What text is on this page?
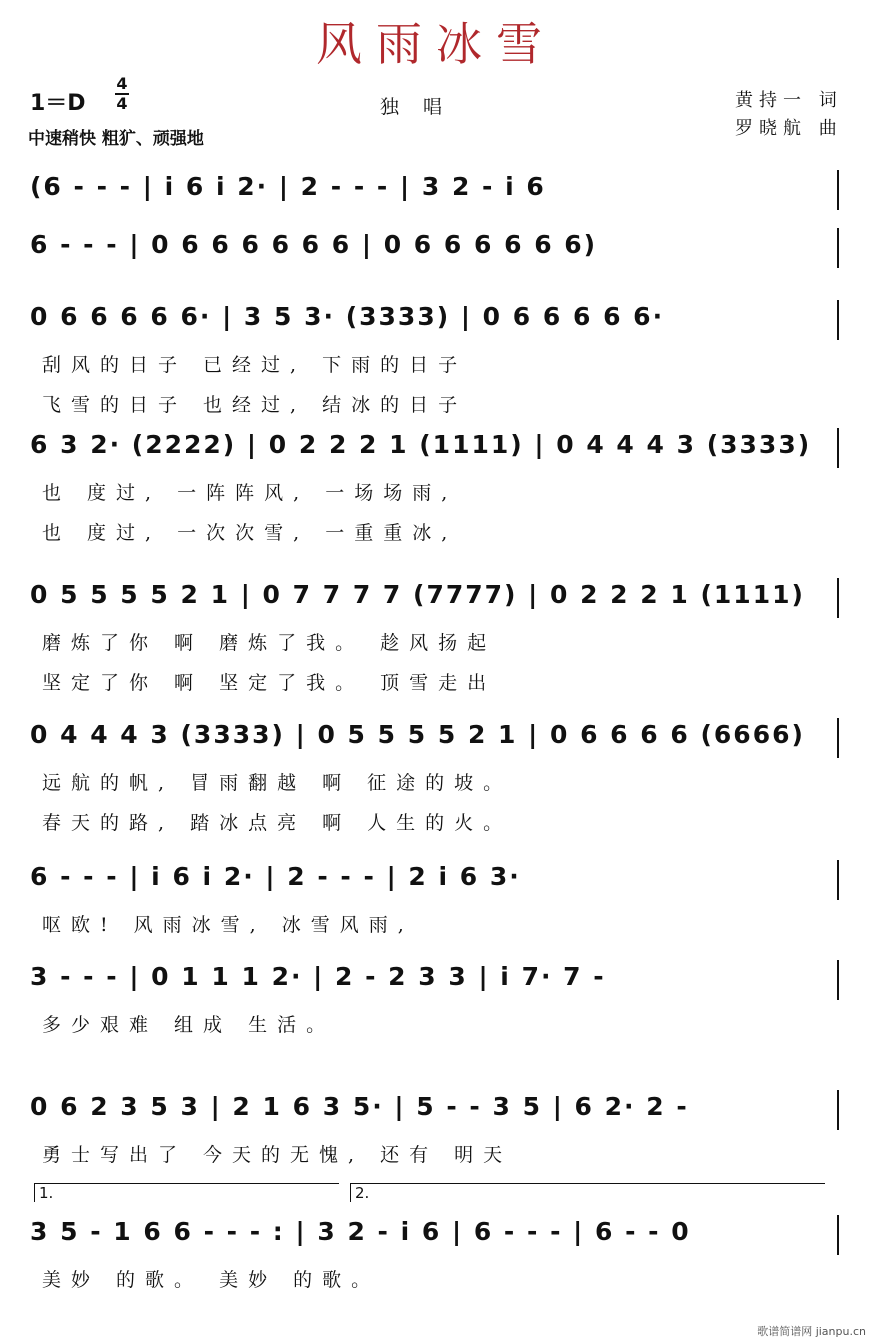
风雨冰雪
1＝D
4
4	独唱	黄持一 词
罗晓航 曲
中速稍快 粗犷、顽强地
(6 - - - | i 6 i 2· | 2 - - - | 3 2 - i 6
6 - - - | 0 6 6 6 6 6 6 | 0 6 6 6 6 6 6)
0 6 6 6 6 6· | 3 5 3· (3333) | 0 6 6 6 6 6·
刮风的日子 已经过, 下雨的日子
飞雪的日子 也经过, 结冰的日子
6 3 2· (2222) | 0 2 2 2 1 (1111) | 0 4 4 4 3 (3333)
也 度过, 一阵阵风, 一场场雨,
也 度过, 一次次雪, 一重重冰,
0 5 5 5 5 2 1 | 0 7 7 7 7 (7777) | 0 2 2 2 1 (1111)
磨炼了你 啊 磨炼了我。 趁风扬起
坚定了你 啊 坚定了我。 顶雪走出
0 4 4 4 3 (3333) | 0 5 5 5 5 2 1 | 0 6 6 6 6 (6666)
远航的帆, 冒雨翻越 啊 征途的坡。
春天的路, 踏冰点亮 啊 人生的火。
6 - - - | i 6 i 2· | 2 - - - | 2 i 6 3·
呕欧! 风雨冰雪, 冰雪风雨,
3 - - - | 0 1 1 1 2· | 2 - 2 3 3 | i 7· 7 -
多少艰难 组成 生活。
0 6 2 3 5 3 | 2 1 6 3 5· | 5 - - 3 5 | 6 2· 2 -
勇士写出了 今天的无愧, 还有 明天
3 5 - 1 6 6 - - - : | 3 2 - i 6 | 6 - - - | 6 - - 0
美妙 的歌。 美妙 的歌。
歌谱简谱网 jianpu.cn
1.	2.
